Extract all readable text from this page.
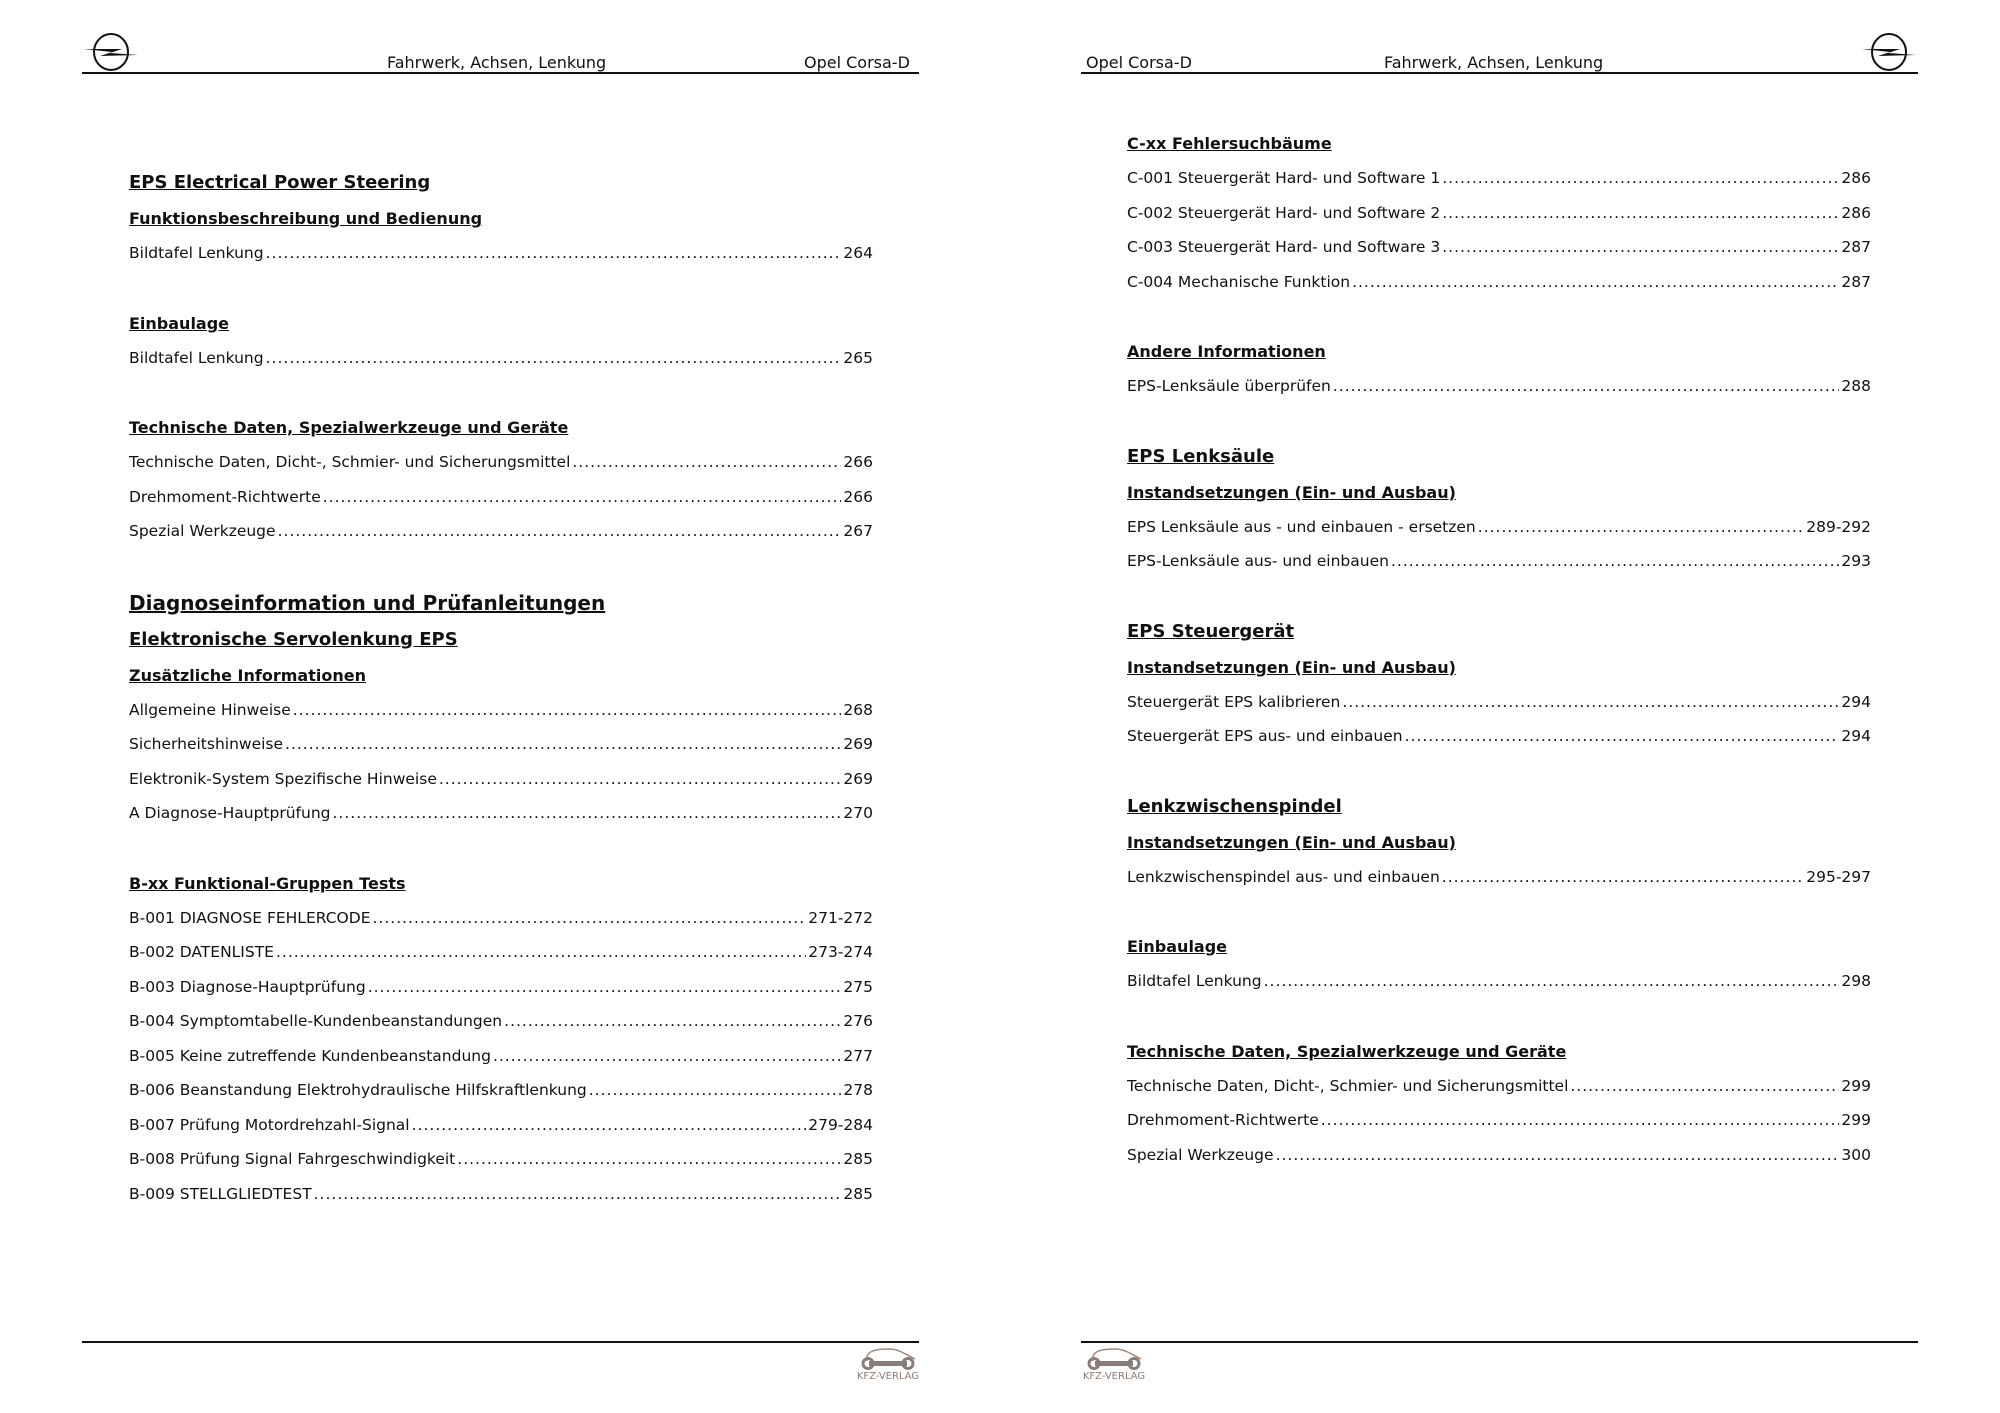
Fahrwerk, Achsen, Lenkung	Opel Corsa-D
EPS Electrical Power Steering
Funktionsbeschreibung und Bedienung
Bildtafel Lenkung .....	264
Einbaulage
Bildtafel Lenkung .....	265
Technische Daten, Spezialwerkzeuge und Geräte
Technische Daten, Dicht-, Schmier- und Sicherungsmittel .....	266
Drehmoment-Richtwerte .....	266
Spezial Werkzeuge .....	267
Diagnoseinformation und Prüfanleitungen
Elektronische Servolenkung EPS
Zusätzliche Informationen
Allgemeine Hinweise .....	268
Sicherheitshinweise .....	269
Elektronik-System Spezifische Hinweise .....	269
A Diagnose-Hauptprüfung .....	270
B-xx Funktional-Gruppen Tests
B-001 DIAGNOSE FEHLERCODE .....	271-272
B-002 DATENLISTE .....	273-274
B-003 Diagnose-Hauptprüfung .....	275
B-004 Symptomtabelle-Kundenbeanstandungen .....	276
B-005 Keine zutreffende Kundenbeanstandung .....	277
B-006 Beanstandung Elektrohydraulische Hilfskraftlenkung .....	278
B-007 Prüfung Motordrehzahl-Signal .....	279-284
B-008 Prüfung Signal Fahrgeschwindigkeit .....	285
B-009 STELLGLIEDTEST .....	285
KFZ-VERLAG
Opel Corsa-D	Fahrwerk, Achsen, Lenkung
C-xx Fehlersuchbäume
C-001 Steuergerät Hard- und Software 1 .....	286
C-002 Steuergerät Hard- und Software 2 .....	286
C-003 Steuergerät Hard- und Software 3 .....	287
C-004 Mechanische Funktion .....	287
Andere Informationen
EPS-Lenksäule überprüfen .....	288
EPS Lenksäule
Instandsetzungen (Ein- und Ausbau)
EPS Lenksäule aus - und einbauen - ersetzen .....	289-292
EPS-Lenksäule aus- und einbauen .....	293
EPS Steuergerät
Instandsetzungen (Ein- und Ausbau)
Steuergerät EPS kalibrieren .....	294
Steuergerät EPS aus- und einbauen .....	294
Lenkzwischenspindel
Instandsetzungen (Ein- und Ausbau)
Lenkzwischenspindel aus- und einbauen .....	295-297
Einbaulage
Bildtafel Lenkung .....	298
Technische Daten, Spezialwerkzeuge und Geräte
Technische Daten, Dicht-, Schmier- und Sicherungsmittel .....	299
Drehmoment-Richtwerte .....	299
Spezial Werkzeuge .....	300
KFZ-VERLAG
